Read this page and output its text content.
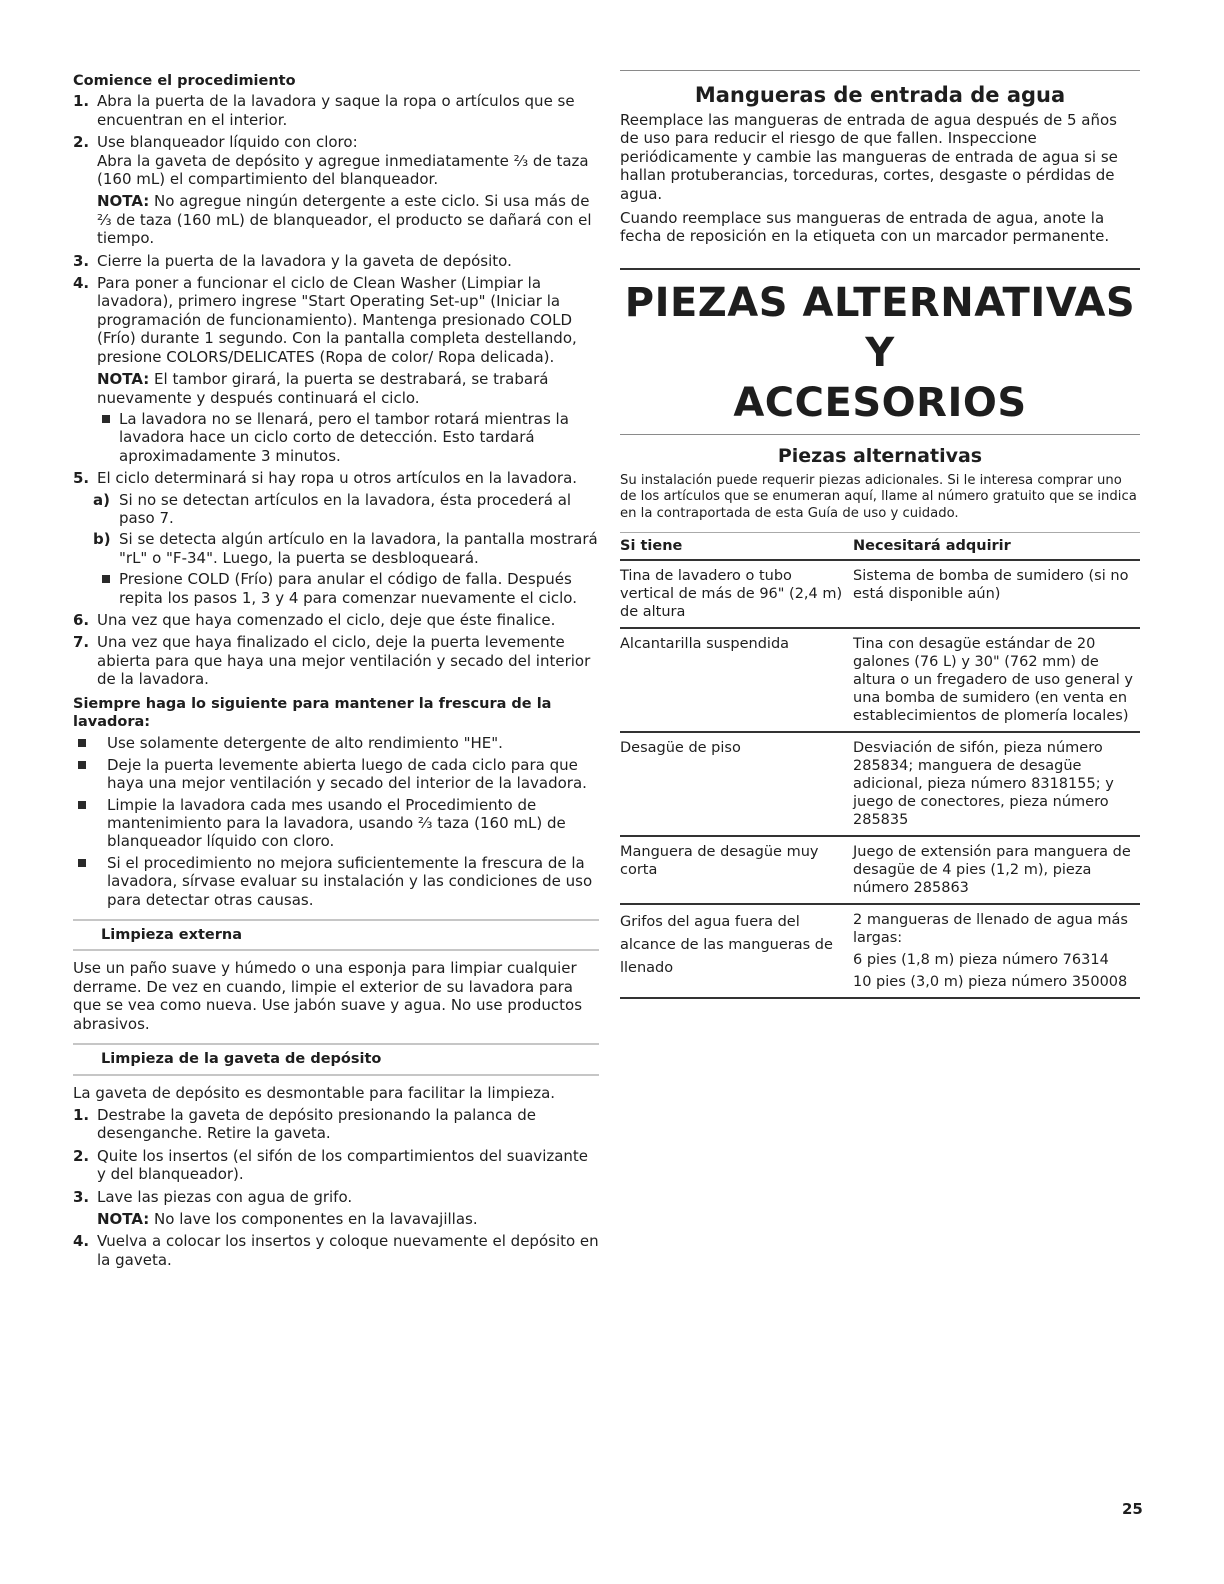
Comience el procedimiento
1. Abra la puerta de la lavadora y saque la ropa o artículos que se encuentran en el interior.

2. Use blanqueador líquido con cloro:
Abra la gaveta de depósito y agregue inmediatamente ⅔ de taza (160 mL) el compartimiento del blanqueador.

NOTA: No agregue ningún detergente a este ciclo. Si usa más de ⅔ de taza (160 mL) de blanqueador, el producto se dañará con el tiempo.

3. Cierre la puerta de la lavadora y la gaveta de depósito.

4. Para poner a funcionar el ciclo de Clean Washer (Limpiar la lavadora), primero ingrese "Start Operating Set-up" (Iniciar la programación de funcionamiento). Mantenga presionado COLD (Frío) durante 1 segundo. Con la pantalla completa destellando, presione COLORS/DELICATES (Ropa de color/ Ropa delicada).

NOTA: El tambor girará, la puerta se destrabará, se trabará nuevamente y después continuará el ciclo.

La lavadora no se llenará, pero el tambor rotará mientras la lavadora hace un ciclo corto de detección. Esto tardará aproximadamente 3 minutos.
5. El ciclo determinará si hay ropa u otros artículos en la lavadora.

a) Si no se detectan artículos en la lavadora, ésta procederá al paso 7.
b) Si se detecta algún artículo en la lavadora, la pantalla mostrará "rL" o "F-34". Luego, la puerta se desbloqueará.
Presione COLD (Frío) para anular el código de falla. Después repita los pasos 1, 3 y 4 para comenzar nuevamente el ciclo.
6. Una vez que haya comenzado el ciclo, deje que éste finalice.

7. Una vez que haya finalizado el ciclo, deje la puerta levemente abierta para que haya una mejor ventilación y secado del interior de la lavadora.

Siempre haga lo siguiente para mantener la frescura de la lavadora:
Use solamente detergente de alto rendimiento "HE".
Deje la puerta levemente abierta luego de cada ciclo para que haya una mejor ventilación y secado del interior de la lavadora.
Limpie la lavadora cada mes usando el Procedimiento de mantenimiento para la lavadora, usando ⅔ taza (160 mL) de blanqueador líquido con cloro.
Si el procedimiento no mejora suficientemente la frescura de la lavadora, sírvase evaluar su instalación y las condiciones de uso para detectar otras causas.
Limpieza externa

Use un paño suave y húmedo o una esponja para limpiar cualquier derrame. De vez en cuando, limpie el exterior de su lavadora para que se vea como nueva. Use jabón suave y agua. No use productos abrasivos.

Limpieza de la gaveta de depósito

La gaveta de depósito es desmontable para facilitar la limpieza.

1. Destrabe la gaveta de depósito presionando la palanca de desenganche. Retire la gaveta.

2. Quite los insertos (el sifón de los compartimientos del suavizante y del blanqueador).

3. Lave las piezas con agua de grifo.

NOTA: No lave los componentes en la lavavajillas.

4. Vuelva a colocar los insertos y coloque nuevamente el depósito en la gaveta.

Mangueras de entrada de agua

Reemplace las mangueras de entrada de agua después de 5 años de uso para reducir el riesgo de que fallen. Inspeccione periódicamente y cambie las mangueras de entrada de agua si se hallan protuberancias, torceduras, cortes, desgaste o pérdidas de agua.

Cuando reemplace sus mangueras de entrada de agua, anote la fecha de reposición en la etiqueta con un marcador permanente.

PIEZAS ALTERNATIVAS Y
ACCESORIOS
Piezas alternativas

Su instalación puede requerir piezas adicionales. Si le interesa comprar uno de los artículos que se enumeran aquí, llame al número gratuito que se indica en la contraportada de esta Guía de uso y cuidado.

Si tiene	Necesitará adquirir
Tina de lavadero o tubo vertical de más de 96" (2,4 m) de altura	Sistema de bomba de sumidero (si no está disponible aún)

Alcantarilla suspendida	Tina con desagüe estándar de 20 galones (76 L) y 30" (762 mm) de altura o un fregadero de uso general y una bomba de sumidero (en venta en establecimientos de plomería locales)

Desagüe de piso	Desviación de sifón, pieza número 285834; manguera de desagüe adicional, pieza número 8318155; y juego de conectores, pieza número 285835

Manguera de desagüe muy corta	Juego de extensión para manguera de desagüe de 4 pies (1,2 m), pieza número 285863

Grifos del agua fuera del alcance de las mangueras de llenado	2 mangueras de llenado de agua más largas:

6 pies (1,8 m) pieza número 76314

10 pies (3,0 m) pieza número 350008

25
